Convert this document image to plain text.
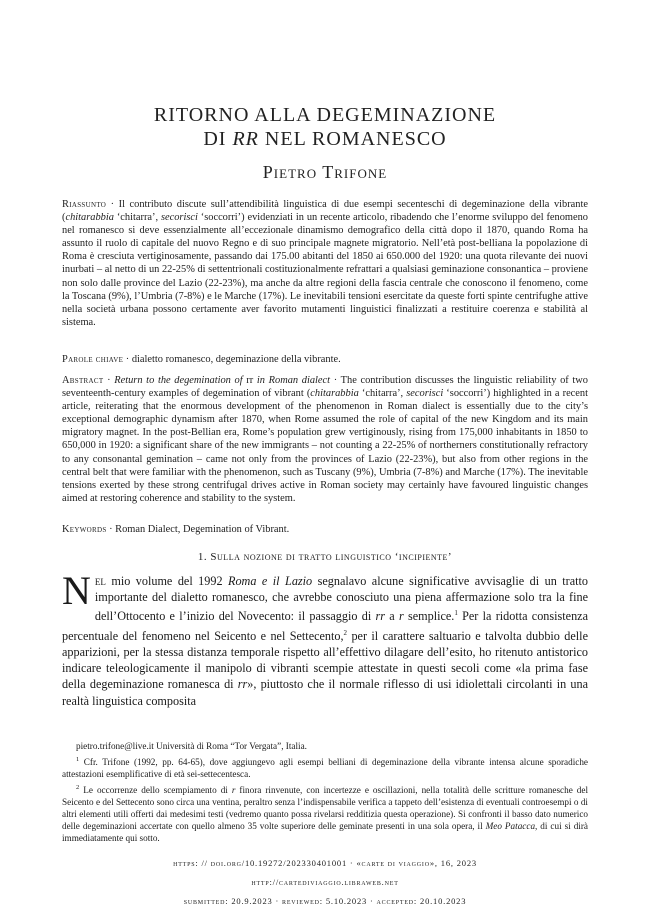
RITORNO ALLA DEGEMINAZIONE
DI RR NEL ROMANESCO
Pietro Trifone
Riassunto · Il contributo discute sull’attendibilità linguistica di due esempi secenteschi di degeminazione della vibrante (chitarabbia ‘chitarra’, secorisci ‘soccorri’) evidenziati in un recente articolo, ribadendo che l’enorme sviluppo del fenomeno nel romanesco si deve essenzialmente all’eccezionale dinamismo demografico della città dopo il 1870, quando Roma ha assunto il ruolo di capitale del nuovo Regno e di suo principale magnete migratorio. Nell’età post-belliana la popolazione di Roma è cresciuta vertiginosamente, passando dai 175.00 abitanti del 1850 ai 650.000 del 1920: una quota rilevante dei nuovi inurbati – al netto di un 22-25% di settentrionali costituzionalmente refrattari a qualsiasi geminazione consonantica – proviene non solo dalle province del Lazio (22-23%), ma anche da altre regioni della fascia centrale che conoscono il fenomeno, come la Toscana (9%), l’Umbria (7-8%) e le Marche (17%). Le inevitabili tensioni esercitate da queste forti spinte centrifughe attive nella società urbana possono certamente aver favorito mutamenti linguistici finalizzati a restituire coerenza e stabilità al sistema.
Parole chiave · dialetto romanesco, degeminazione della vibrante.
Abstract · Return to the degemination of rr in Roman dialect · The contribution discusses the linguistic reliability of two seventeenth-century examples of degemination of vibrant (chitarabbia ‘chitarra’, secorisci ‘soccorri’) highlighted in a recent article, reiterating that the enormous development of the phenomenon in Roman dialect is essentially due to the city’s exceptional demographic dynamism after 1870, when Rome assumed the role of capital of the new Kingdom and its main migratory magnet. In the post-Bellian era, Rome’s population grew vertiginously, rising from 175,000 inhabitants in 1850 to 650,000 in 1920: a significant share of the new immigrants – not counting a 22-25% of northerners constitutionally refractory to any consonantal gemination – came not only from the provinces of Lazio (22-23%), but also from other regions in the central belt that were familiar with the phenomenon, such as Tuscany (9%), Umbria (7-8%) and Marche (17%). The inevitable tensions exerted by these strong centrifugal drives active in Roman society may certainly have favoured linguistic changes aimed at restoring coherence and stability to the system.
Keywords · Roman Dialect, Degemination of Vibrant.
1. Sulla nozione di tratto linguistico ‘incipiente’
Nel mio volume del 1992 Roma e il Lazio segnalavo alcune significative avvisaglie di un tratto importante del dialetto romanesco, che avrebbe conosciuto una piena affermazione solo tra la fine dell’Ottocento e l’inizio del Novecento: il passaggio di rr a r semplice.$^1$ Per la ridotta consistenza percentuale del fenomeno nel Seicento e nel Settecento,$^2$ per il carattere saltuario e talvolta dubbio delle apparizioni, per la stessa distanza temporale rispetto all’effettivo dilagare dell’esito, ho ritenuto antistorico indicare teleologicamente il manipolo di vibranti scempie attestate in questi secoli come «la prima fase della degeminazione romanesca di rr», piuttosto che il normale riflesso di usi idiolettali circolanti in una realtà linguistica composita

pietro.trifone@live.it Università di Roma “Tor Vergata”, Italia.

$^1$ Cfr. Trifone (1992, pp. 64-65), dove aggiungevo agli esempi belliani di degeminazione della vibrante intensa alcune sporadiche attestazioni esemplificative di età sei-settecentesca.

$^2$ Le occorrenze dello scempiamento di r finora rinvenute, con incertezze e oscillazioni, nella totalità delle scritture romanesche del Seicento e del Settecento sono circa una ventina, peraltro senza l’indispensabile verifica a tappeto dell’esistenza di eventuali controesempi o di altri elementi utili offerti dai medesimi testi (vedremo quanto possa rivelarsi redditizia questa operazione). Si confronti il basso dato numerico delle degeminazioni accertate con quello almeno 35 volte superiore delle geminate presenti in una sola opera, il Meo Patacca, di cui si dirà immediatamente qui sotto.

https: // doi.org/10.19272/202330401001 · «carte di viaggio», 16, 2023
http://cartediviaggio.libraweb.net
submitted: 20.9.2023 · reviewed: 5.10.2023 · accepted: 20.10.2023
